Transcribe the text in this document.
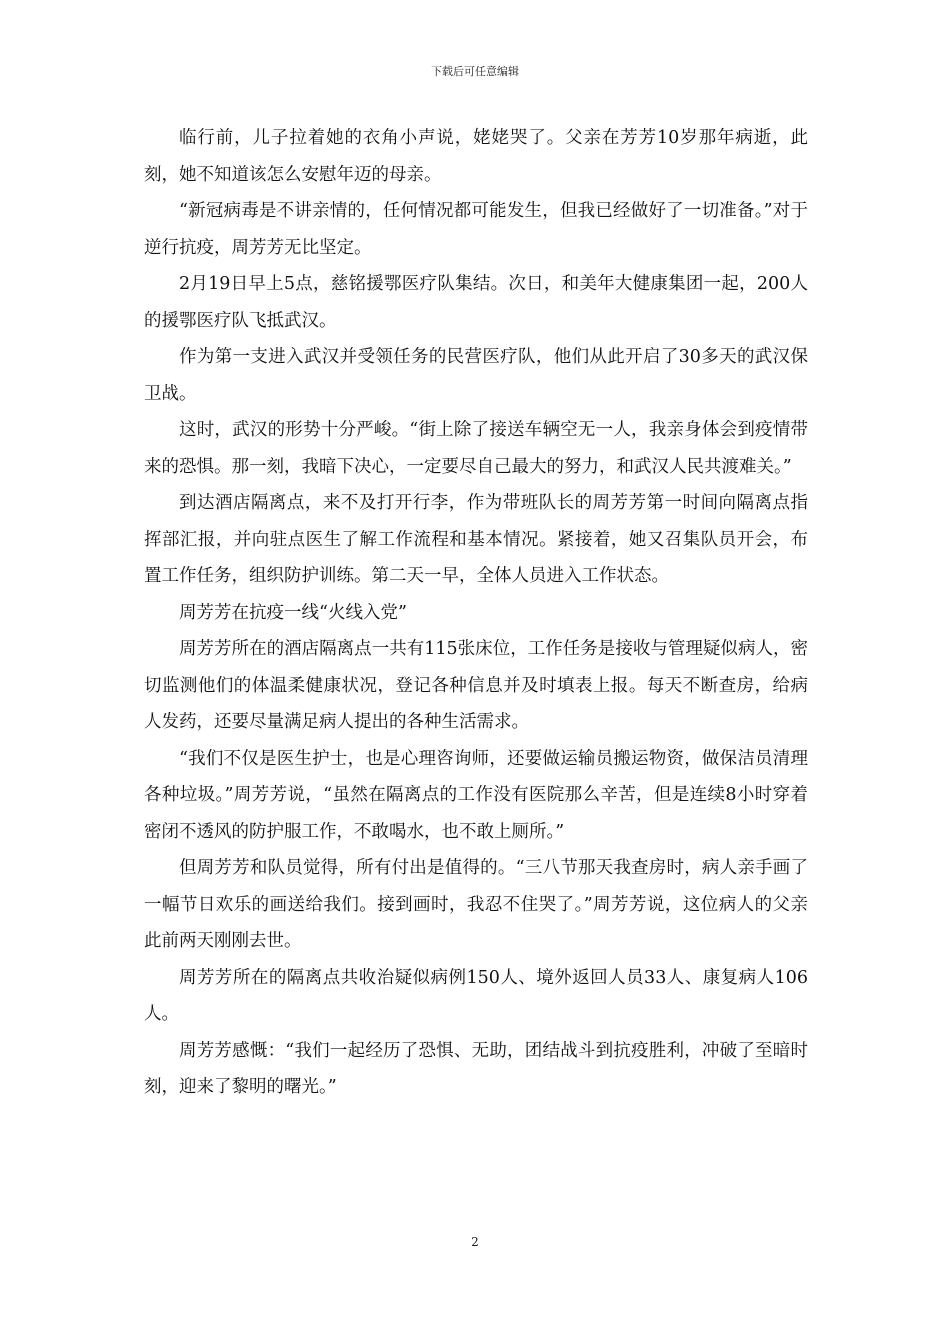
下载后可任意编辑

临行前，儿子拉着她的衣角小声说，姥姥哭了。父亲在芳芳10岁那年病逝，此刻，她不知道该怎么安慰年迈的母亲。

“新冠病毒是不讲亲情的，任何情况都可能发生，但我已经做好了一切准备。”对于逆行抗疫，周芳芳无比坚定。

2月19日早上5点，慈铭援鄂医疗队集结。次日，和美年大健康集团一起，200人的援鄂医疗队飞抵武汉。

作为第一支进入武汉并受领任务的民营医疗队，他们从此开启了30多天的武汉保卫战。

这时，武汉的形势十分严峻。“街上除了接送车辆空无一人，我亲身体会到疫情带来的恐惧。那一刻，我暗下决心，一定要尽自己最大的努力，和武汉人民共渡难关。”

到达酒店隔离点，来不及打开行李，作为带班队长的周芳芳第一时间向隔离点指挥部汇报，并向驻点医生了解工作流程和基本情况。紧接着，她又召集队员开会，布置工作任务，组织防护训练。第二天一早，全体人员进入工作状态。

周芳芳在抗疫一线“火线入党”

周芳芳所在的酒店隔离点一共有115张床位，工作任务是接收与管理疑似病人，密切监测他们的体温柔健康状况，登记各种信息并及时填表上报。每天不断查房，给病人发药，还要尽量满足病人提出的各种生活需求。

“我们不仅是医生护士，也是心理咨询师，还要做运输员搬运物资，做保洁员清理各种垃圾。”周芳芳说，“虽然在隔离点的工作没有医院那么辛苦，但是连续8小时穿着密闭不透风的防护服工作，不敢喝水，也不敢上厕所。”

但周芳芳和队员觉得，所有付出是值得的。“三八节那天我查房时，病人亲手画了一幅节日欢乐的画送给我们。接到画时，我忍不住哭了。”周芳芳说，这位病人的父亲此前两天刚刚去世。

周芳芳所在的隔离点共收治疑似病例150人、境外返回人员33人、康复病人106人。

周芳芳感慨：“我们一起经历了恐惧、无助，团结战斗到抗疫胜利，冲破了至暗时刻，迎来了黎明的曙光。”

2
